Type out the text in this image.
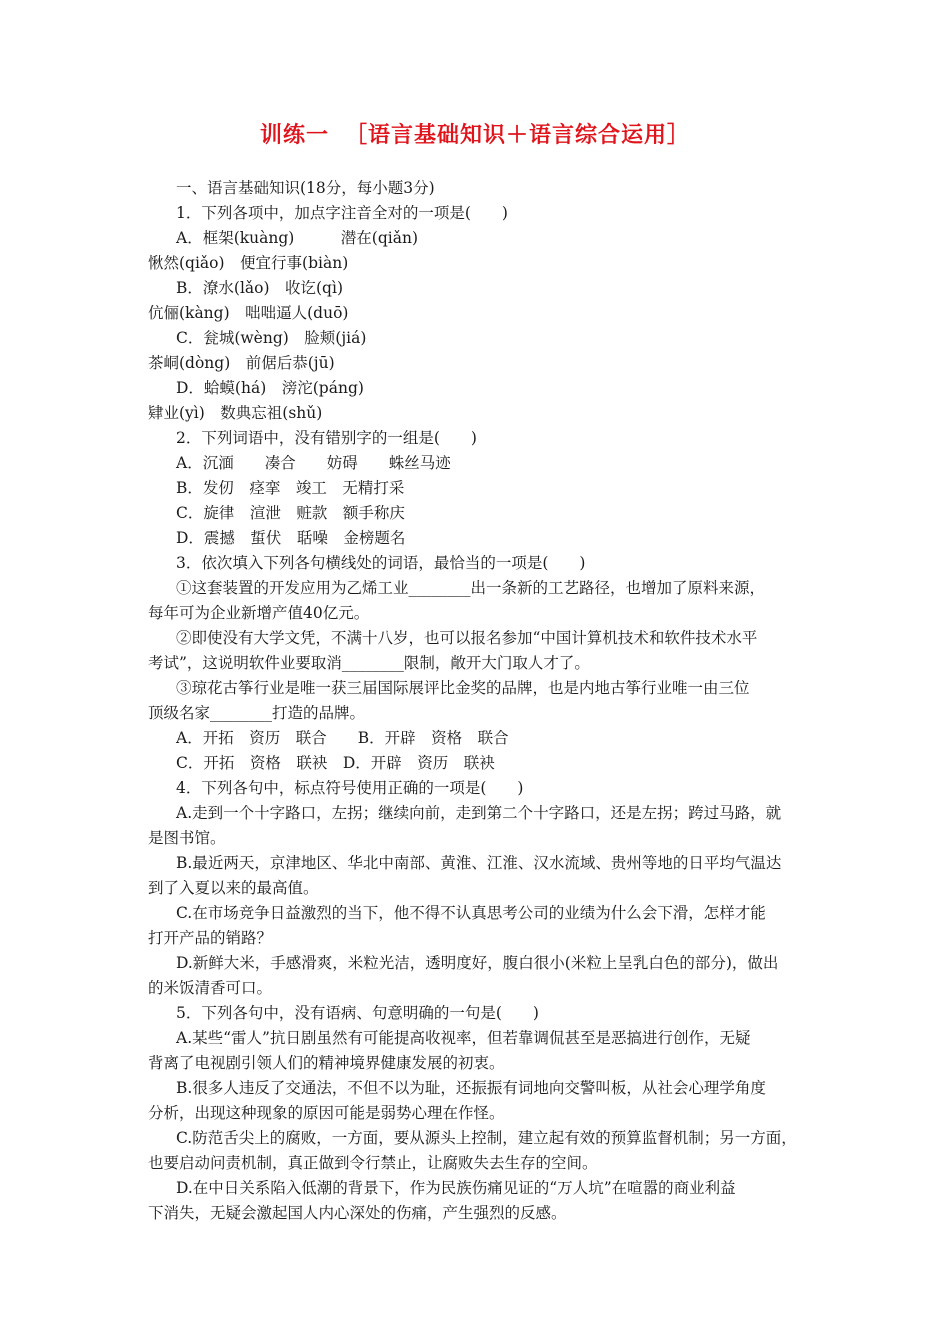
训练一 ［语言基础知识＋语言综合运用］
一、语言基础知识(18分，每小题3分)
1．下列各项中，加点字注音全对的一项是(　　)
A．框架(kuàng)　　　潜在(qiǎn)
愀然(qiǎo)　便宜行事(biàn)
B．潦水(lǎo)　收讫(qì)
伉俪(kàng)　咄咄逼人(duō)
C．瓮城(wèng)　脸颊(jiá)
茶峒(dòng)　前倨后恭(jū)
D．蛤蟆(há)　滂沱(páng)
肄业(yì)　数典忘祖(shǔ)
2．下列词语中，没有错别字的一组是(　　)
A．沉湎　　凑合　　妨碍　　蛛丝马迹
B．发仞　痉挛　竣工　无精打采
C．旋律　渲泄　赃款　额手称庆
D．震撼　蜇伏　聒噪　金榜题名
3．依次填入下列各句横线处的词语，最恰当的一项是(　　)
①这套装置的开发应用为乙烯工业________出一条新的工艺路径，也增加了原料来源，
每年可为企业新增产值40亿元。
②即使没有大学文凭，不满十八岁，也可以报名参加“中国计算机技术和软件技术水平
考试”，这说明软件业要取消________限制，敞开大门取人才了。
③琼花古筝行业是唯一获三届国际展评比金奖的品牌，也是内地古筝行业唯一由三位
顶级名家________打造的品牌。
A．开拓　资历　联合　　B．开辟　资格　联合
C．开拓　资格　联袂　D．开辟　资历　联袂
4．下列各句中，标点符号使用正确的一项是(　　)
A.走到一个十字路口，左拐；继续向前，走到第二个十字路口，还是左拐；跨过马路，就
是图书馆。
B.最近两天，京津地区、华北中南部、黄淮、江淮、汉水流域、贵州等地的日平均气温达
到了入夏以来的最高值。
C.在市场竞争日益激烈的当下，他不得不认真思考公司的业绩为什么会下滑，怎样才能
打开产品的销路？
D.新鲜大米，手感滑爽，米粒光洁，透明度好，腹白很小(米粒上呈乳白色的部分)，做出
的米饭清香可口。
5．下列各句中，没有语病、句意明确的一句是(　　)
A.某些“雷人”抗日剧虽然有可能提高收视率，但若靠调侃甚至是恶搞进行创作，无疑
背离了电视剧引领人们的精神境界健康发展的初衷。
B.很多人违反了交通法，不但不以为耻，还振振有词地向交警叫板，从社会心理学角度
分析，出现这种现象的原因可能是弱势心理在作怪。
C.防范舌尖上的腐败，一方面，要从源头上控制，建立起有效的预算监督机制；另一方面，
也要启动问责机制，真正做到令行禁止，让腐败失去生存的空间。
D.在中日关系陷入低潮的背景下，作为民族伤痛见证的“万人坑”在喧嚣的商业利益
下消失，无疑会激起国人内心深处的伤痛，产生强烈的反感。
